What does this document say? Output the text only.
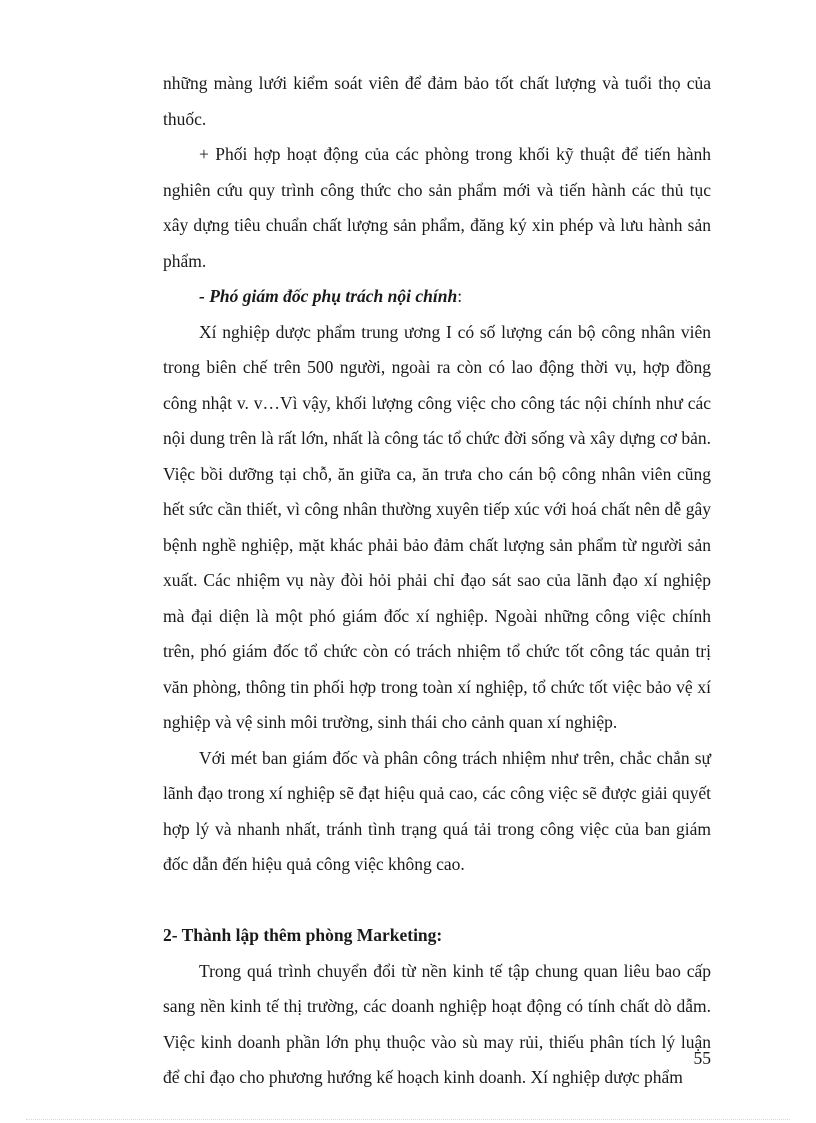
những màng lưới kiểm soát viên để đảm bảo tốt chất lượng và tuổi thọ của thuốc.

+ Phối hợp hoạt động của các phòng trong khối kỹ thuật để tiến hành nghiên cứu quy trình công thức cho sản phẩm mới và tiến hành các thủ tục xây dựng tiêu chuẩn chất lượng sản phẩm, đăng ký xin phép và lưu hành sản phẩm.

- Phó giám đốc phụ trách nội chính:

Xí nghiệp dược phẩm trung ương I có số lượng cán bộ công nhân viên trong biên chế trên 500 người, ngoài ra còn có lao động thời vụ, hợp đồng công nhật v. v…Vì vậy, khối lượng công việc cho công tác nội chính như các nội dung trên là rất lớn, nhất là công tác tổ chức đời sống và xây dựng cơ bản. Việc bồi dưỡng tại chỗ, ăn giữa ca, ăn trưa cho cán bộ công nhân viên cũng hết sức cần thiết, vì công nhân thường xuyên tiếp xúc với hoá chất nên dễ gây bệnh nghề nghiệp, mặt khác phải bảo đảm chất lượng sản phẩm từ người sản xuất. Các nhiệm vụ này đòi hỏi phải chỉ đạo sát sao của lãnh đạo xí nghiệp mà đại diện là một phó giám đốc xí nghiệp. Ngoài những công việc chính trên, phó giám đốc tổ chức còn có trách nhiệm tổ chức tốt công tác quản trị văn phòng, thông tin phối hợp trong toàn xí nghiệp, tổ chức tốt việc bảo vệ xí nghiệp và vệ sinh môi trường, sinh thái cho cảnh quan xí nghiệp.

Với mét ban giám đốc và phân công trách nhiệm như trên, chắc chắn sự lãnh đạo trong xí nghiệp sẽ đạt hiệu quả cao, các công việc sẽ được giải quyết hợp lý và nhanh nhất, tránh tình trạng quá tải trong công việc của ban giám đốc dẫn đến hiệu quả công việc không cao.

2- Thành lập thêm phòng Marketing:

Trong quá trình chuyển đổi từ nền kinh tế tập chung quan liêu bao cấp sang nền kinh tế thị trường, các doanh nghiệp hoạt động có tính chất dò dẫm. Việc kinh doanh phần lớn phụ thuộc vào sù may rủi, thiếu phân tích lý luận để chỉ đạo cho phương hướng kế hoạch kinh doanh. Xí nghiệp dược phẩm

55
